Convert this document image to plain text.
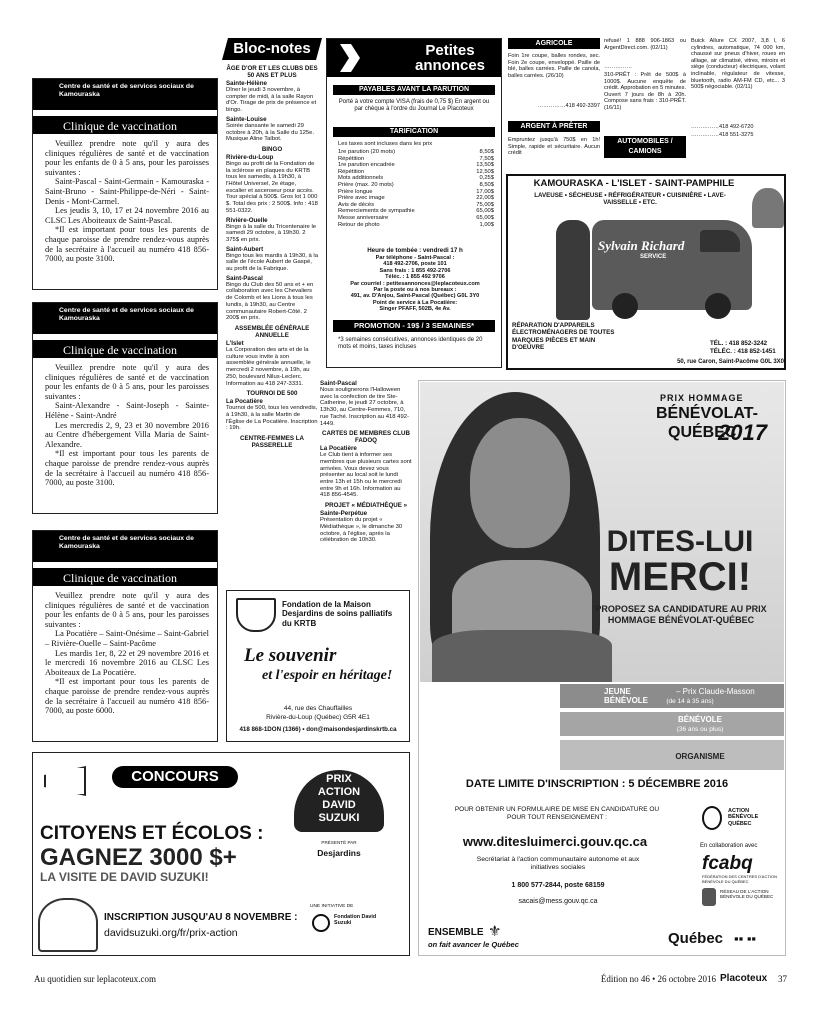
Centre de santé et de services sociaux de Kamouraska
Clinique de vaccination

Veuillez prendre note qu'il y aura des cliniques régulières de santé et de vaccination pour les enfants de 0 à 5 ans, pour les paroisses suivantes :

Saint-Pascal - Saint-Germain - Kamouraska - Saint-Bruno - Saint-Philippe-de-Néri - Saint-Denis - Mont-Carmel.

Les jeudis 3, 10, 17 et 24 novembre 2016 au CLSC Les Aboiteaux de Saint-Pascal.

*Il est important pour tous les parents de chaque paroisse de prendre rendez-vous auprès de la secrétaire à l'accueil au numéro 418 856-7000, au poste 3100.

Centre de santé et de services sociaux de Kamouraska
Clinique de vaccination

Veuillez prendre note qu'il y aura des cliniques régulières de santé et de vaccination pour les enfants de 0 à 5 ans, pour les paroisses suivantes :

Saint-Alexandre - Saint-Joseph - Sainte-Hélène - Saint-André

Les mercredis 2, 9, 23 et 30 novembre 2016 au Centre d'hébergement Villa Maria de Saint-Alexandre.

*Il est important pour tous les parents de chaque paroisse de prendre rendez-vous auprès de la secrétaire à l'accueil au numéro 418 856-7000, au poste 3100.

Centre de santé et de services sociaux de Kamouraska
Clinique de vaccination

Veuillez prendre note qu'il y aura des cliniques régulières de santé et de vaccination pour les enfants de 0 à 5 ans, pour les paroisses suivantes :

La Pocatière – Saint-Onésime – Saint-Gabriel – Rivière-Ouelle – Saint-Pacôme

Les mardis 1er, 8, 22 et 29 novembre 2016 et le mercredi 16 novembre 2016 au CLSC Les Aboiteaux de La Pocatière.

*Il est important pour tous les parents de chaque paroisse de prendre rendez-vous auprès de la secrétaire à l'accueil au numéro 418 856-7000, au poste 6000.

Bloc-notes
ÂGE D'OR ET LES CLUBS DES 50 ANS ET PLUS
Sainte-Hélène

Dîner le jeudi 3 novembre, à compter de midi, à la salle Rayon d'Or. Tirage de prix de présence et bingo.

Sainte-Louise

Soirée dansante le samedi 29 octobre à 20h, à la Salle du 125e. Musique Aline Talbot.

BINGO
Rivière-du-Loup

Bingo au profit de la Fondation de la sclérose en plaques du KRTB tous les samedis, à 19h30, à l'Hôtel Universel, 2e étage, escalier et ascenseur pour accès. Tour spécial à 500$. Gros lot 1 000 $. Total des prix : 2 500$. Info : 418 551-0322.

Rivière-Ouelle

Bingo à la salle du Tricentenaire le samedi 29 octobre, à 19h30. 2 375$ en prix.

Saint-Aubert

Bingo tous les mardis à 19h30, à la salle de l'école Aubert de Gaspé, au profit de la Fabrique.

Saint-Pascal

Bingo du Club des 50 ans et + en collaboration avec les Chevaliers de Colomb et les Lions à tous les lundis, à 19h30, au Centre communautaire Robert-Côté. 2 200$ en prix.

ASSEMBLÉE GÉNÉRALE ANNUELLE
L'Islet

La Corporation des arts et de la culture vous invite à son assemblée générale annuelle, le mercredi 2 novembre, à 19h, au 250, boulevard Nilus-Leclerc. Information au 418 247-3331.

TOURNOI DE 500
La Pocatière

Tournoi de 500, tous les vendredis, à 19h30, à la salle Martin de l'Église de La Pocatière. Inscription : 19h.

CENTRE-FEMMES LA PASSERELLE
Petites
annonces
PAYABLES AVANT LA PARUTION
Porté à votre compte VISA (frais de 0,75 $) En argent ou par chèque à l'ordre du Journal Le Placoteux
TARIFICATION
Les taxes sont incluses dans les prix
1re parution (20 mots)	8,50$
Répétition	7,50$
1re parution encadrée	13,50$
Répétition	12,50$
Mots additionnels	0,25$
Prière (max. 20 mots)	8,50$
Prière longue	17,00$
Prière avec image	22,00$
Avis de décès	75,00$
Remerciements de sympathie	65,00$
Messe anniversaire	65,00$
Retour de photo	1,00$
Heure de tombée : vendredi 17 h
Par téléphone - Saint-Pascal :
418 492-2706, poste 101
Sans frais : 1 855 492-2706
Téléc. : 1 855 492 9706
Par courriel : petitesannonces@leplacoteux.com
Par la poste ou à nos bureaux :
491, av. D'Anjou, Saint-Pascal (Québec) G0L 3Y0
Point de service à La Pocatière:
Singer PFAFF, 502B, 4e Av.
PROMOTION - 19$ / 3 SEMAINES*
*3 semaines consécutives, annonces identiques de 20 mots et moins, taxes incluses
AGRICOLE
Foin 1re coupe, balles rondes, sec. Foin 2e coupe, enveloppé. Paille de blé, balles carrées. Paille de canola, balles carrées. (26/10)
……………418 492-3397
ARGENT À PRÊTER
Empruntez jusqu'à 750$ en 1h! Simple, rapide et sécuritaire. Aucun crédit
refusé! 1 888 906-1863 ou ArgentDirect.com. (02/11)
……………
310-PRÊT : Prêt de 500$ à 1000$. Aucune enquête de crédit. Approbation en 5 minutes. Ouvert 7 jours de 8h à 20h. Compose sans frais : 310-PRÊT. (16/11)
AUTOMOBILES / CAMIONS
Buick Allure CX 2007, 3,8 l, 6 cylindres, automatique, 74 000 km, chaussé sur pneus d'hiver, roues en alliage, air climatisé, vitres, miroirs et siège (conducteur) électriques, volant inclinable, régulateur de vitesse, bluetooth, radio AM-FM CD, etc... 3 500$ négociable. (02/11)
……………418 492-6720
……………418 551-3275
KAMOURASKA - L'ISLET - SAINT-PAMPHILE
LAVEUSE • SÉCHEUSE • RÉFRIGÉRATEUR • CUISINIÈRE • LAVE-VAISSELLE • ETC.
Sylvain Richard
SERVICE
RÉPARATION D'APPAREILS ÉLECTROMÉNAGERS DE TOUTES MARQUES PIÈCES ET MAIN D'OEUVRE
TÉL. : 418 852-3242
TÉLÉC. : 418 852-1451
50, rue Caron, Saint-Pacôme G0L 3X0
Saint-Pascal

Nous soulignerons l'Halloween avec la confection de tire Ste-Catherine, le jeudi 27 octobre, à 13h30, au Centre-Femmes, 710, rue Taché. Inscription au 418 492-1449.

CARTES DE MEMBRES CLUB FADOQ
La Pocatière

Le Club tient à informer ses membres que plusieurs cartes sont arrivées. Vous devez vous présenter au local soit le lundi entre 13h et 15h ou le mercredi entre 9h et 16h. Information au 418 856-4545.

PROJET « MÉDIATHÈQUE »
Sainte-Perpétue

Présentation du projet « Médiathèque », le dimanche 30 octobre, à l'église, après la célébration de 10h30.

Fondation de la Maison Desjardins de soins palliatifs du KRTB
Le souvenir
et l'espoir en héritage!
44, rue des Chauffailles
Rivière-du-Loup (Québec) G5R 4E1
418 868-1DON (1366) • don@maisondesjardinskrtb.ca
PRIX HOMMAGE
BÉNÉVOLAT-
QUÉBEC
2017
DITES-LUI
MERCI!
PROPOSEZ SA CANDIDATURE AU PRIX HOMMAGE BÉNÉVOLAT-QUÉBEC
JEUNE BÉNÉVOLE
– Prix Claude-Masson
(de 14 à 35 ans)
BÉNÉVOLE
(36 ans ou plus)
ORGANISME
DATE LIMITE D'INSCRIPTION : 5 DÉCEMBRE 2016
POUR OBTENIR UN FORMULAIRE DE MISE EN CANDIDATURE OU POUR TOUT RENSEIGNEMENT :
www.ditesluimerci.gouv.qc.ca
Secrétariat à l'action communautaire autonome et aux initiatives sociales
1 800 577-2844, poste 68159
sacais@mess.gouv.qc.ca
ENSEMBLE ⚜
on fait avancer le Québec
ACTION BÉNÉVOLE QUÉBEC
En collaboration avec
fcabq
FÉDÉRATION DES CENTRES D'ACTION BÉNÉVOLE DU QUÉBEC
RÉSEAU DE L'ACTION BÉNÉVOLE DU QUÉBEC
Québec ▪▪ ▪▪
CONCOURS
CITOYENS ET ÉCOLOS :
GAGNEZ 3000 $+
LA VISITE DE DAVID SUZUKI!
PRIX
ACTION
DAVID
SUZUKI
PRÉSENTÉ PAR
Desjardins
INSCRIPTION JUSQU'AU 8 NOVEMBRE :
davidsuzuki.org/fr/prix-action
UNE INITIATIVE DE
Fondation David Suzuki
Au quotidien sur leplacoteux.com	Édition no 46 • 26 octobre 2016 Placoteux	37
